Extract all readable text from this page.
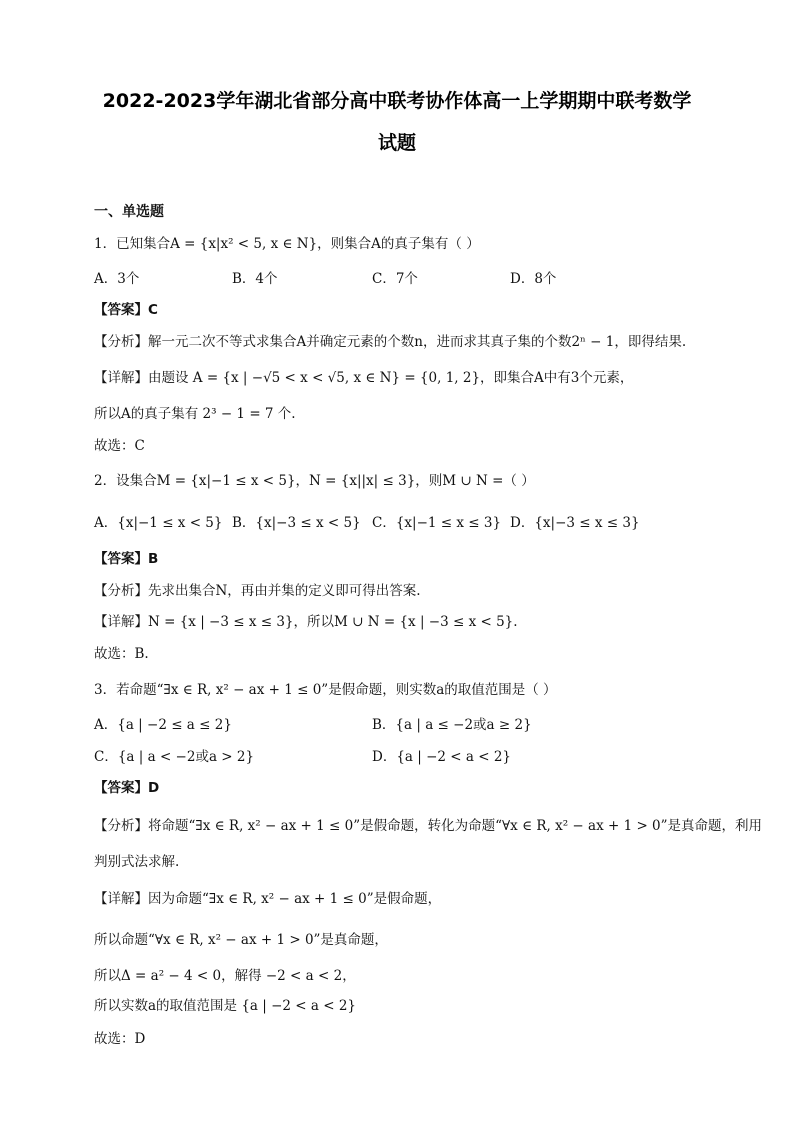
2022-2023学年湖北省部分高中联考协作体高一上学期期中联考数学
试题
一、单选题
1．已知集合A = {x|x² < 5, x ∈ N}，则集合A的真子集有（ ）
A．3个	B．4个	C．7个	D．8个
【答案】C
【分析】解一元二次不等式求集合A并确定元素的个数n，进而求其真子集的个数2ⁿ − 1，即得结果.
【详解】由题设 A = {x | −√5 < x < √5, x ∈ N} = {0, 1, 2}，即集合A中有3个元素，
所以A的真子集有 2³ − 1 = 7 个.
故选：C
2．设集合M = {x|−1 ≤ x < 5}，N = {x||x| ≤ 3}，则M ∪ N =（ ）
A．{x|−1 ≤ x < 5} B．{x|−3 ≤ x < 5} C．{x|−1 ≤ x ≤ 3} D．{x|−3 ≤ x ≤ 3}
【答案】B
【分析】先求出集合N，再由并集的定义即可得出答案.
【详解】N = {x | −3 ≤ x ≤ 3}，所以M ∪ N = {x | −3 ≤ x < 5}.
故选：B.
3．若命题“∃x ∈ R, x² − ax + 1 ≤ 0”是假命题，则实数a的取值范围是（ ）
A．{a | −2 ≤ a ≤ 2}	B．{a | a ≤ −2或a ≥ 2}
C．{a | a < −2或a > 2}	D．{a | −2 < a < 2}
【答案】D
【分析】将命题“∃x ∈ R, x² − ax + 1 ≤ 0”是假命题，转化为命题“∀x ∈ R, x² − ax + 1 > 0”是真命题，利用
判别式法求解.
【详解】因为命题“∃x ∈ R, x² − ax + 1 ≤ 0”是假命题，
所以命题“∀x ∈ R, x² − ax + 1 > 0”是真命题，
所以Δ = a² − 4 < 0，解得 −2 < a < 2，
所以实数a的取值范围是 {a | −2 < a < 2}
故选：D
